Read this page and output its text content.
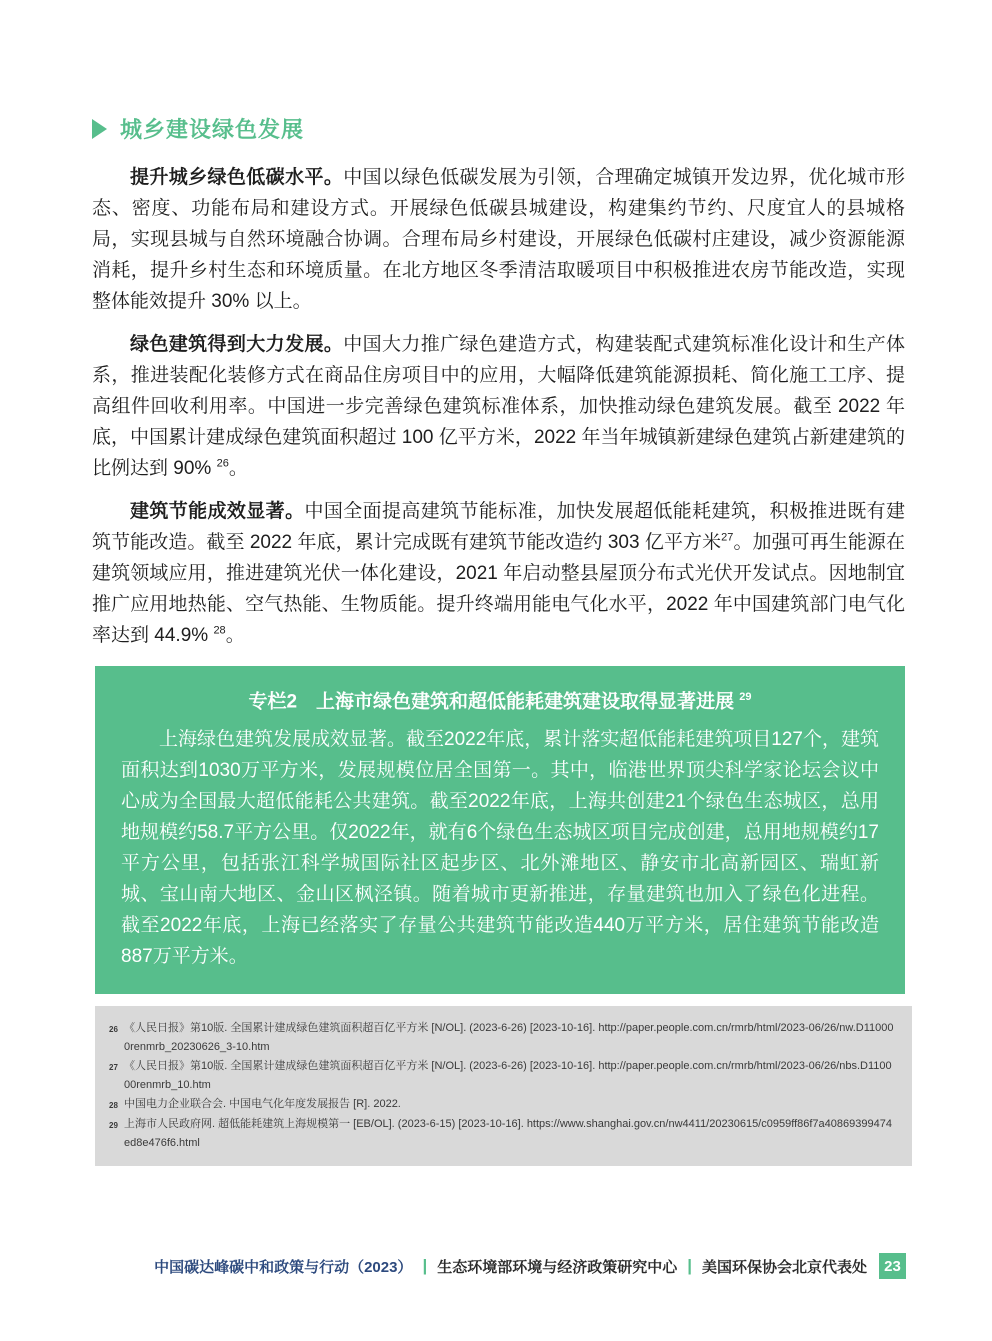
城乡建设绿色发展

提升城乡绿色低碳水平。中国以绿色低碳发展为引领，合理确定城镇开发边界，优化城市形态、密度、功能布局和建设方式。开展绿色低碳县城建设，构建集约节约、尺度宜人的县城格局，实现县城与自然环境融合协调。合理布局乡村建设，开展绿色低碳村庄建设，减少资源能源消耗，提升乡村生态和环境质量。在北方地区冬季清洁取暖项目中积极推进农房节能改造，实现整体能效提升 30% 以上。

绿色建筑得到大力发展。中国大力推广绿色建造方式，构建装配式建筑标准化设计和生产体系，推进装配化装修方式在商品住房项目中的应用，大幅降低建筑能源损耗、简化施工工序、提高组件回收利用率。中国进一步完善绿色建筑标准体系，加快推动绿色建筑发展。截至 2022 年底，中国累计建成绿色建筑面积超过 100 亿平方米，2022 年当年城镇新建绿色建筑占新建建筑的比例达到 90% $^{26}$。

建筑节能成效显著。中国全面提高建筑节能标准，加快发展超低能耗建筑，积极推进既有建筑节能改造。截至 2022 年底，累计完成既有建筑节能改造约 303 亿平方米$^{27}$。加强可再生能源在建筑领域应用，推进建筑光伏一体化建设，2021 年启动整县屋顶分布式光伏开发试点。因地制宜推广应用地热能、空气热能、生物质能。提升终端用能电气化水平，2022 年中国建筑部门电气化率达到 44.9% $^{28}$。

专栏2　上海市绿色建筑和超低能耗建筑建设取得显著进展 $^{29}$
上海绿色建筑发展成效显著。截至2022年底，累计落实超低能耗建筑项目127个，建筑面积达到1030万平方米，发展规模位居全国第一。其中，临港世界顶尖科学家论坛会议中心成为全国最大超低能耗公共建筑。截至2022年底，上海共创建21个绿色生态城区，总用地规模约58.7平方公里。仅2022年，就有6个绿色生态城区项目完成创建，总用地规模约17平方公里，包括张江科学城国际社区起步区、北外滩地区、静安市北高新园区、瑞虹新城、宝山南大地区、金山区枫泾镇。随着城市更新推进，存量建筑也加入了绿色化进程。截至2022年底，上海已经落实了存量公共建筑节能改造440万平方米，居住建筑节能改造887万平方米。
26 《人民日报》第10版. 全国累计建成绿色建筑面积超百亿平方米 [N/OL]. (2023-6-26) [2023-10-16]. http://paper.people.com.cn/rmrb/html/2023-06/26/nw.D110000renmrb_20230626_3-10.htm
27 《人民日报》第10版. 全国累计建成绿色建筑面积超百亿平方米 [N/OL]. (2023-6-26) [2023-10-16]. http://paper.people.com.cn/rmrb/html/2023-06/26/nbs.D110000renmrb_10.htm
28 中国电力企业联合会. 中国电气化年度发展报告 [R]. 2022.
29 上海市人民政府网. 超低能耗建筑上海规模第一 [EB/OL]. (2023-6-15) [2023-10-16]. https://www.shanghai.gov.cn/nw4411/20230615/c0959ff86f7a40869399474ed8e476f6.html
中国碳达峰碳中和政策与行动（2023） | 生态环境部环境与经济政策研究中心 | 美国环保协会北京代表处	23
